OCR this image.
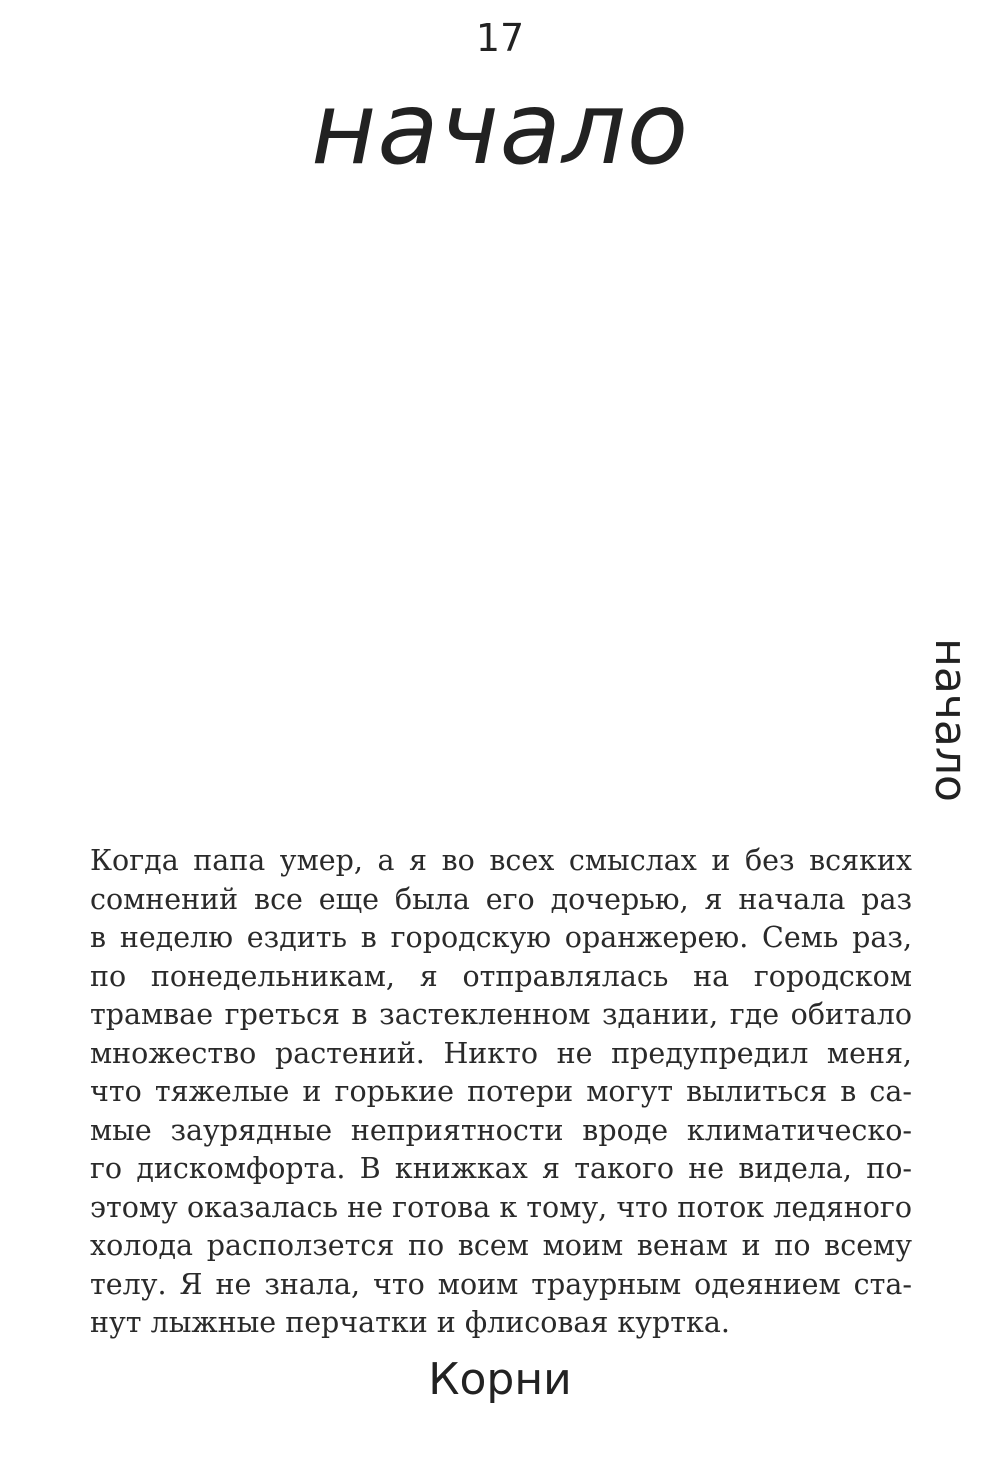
17
начало
начало
Когда папа умер, а я во всех смыслах и без всяких
сомнений все еще была его дочерью, я начала раз
в неделю ездить в городскую оранжерею. Семь раз,
по понедельникам, я отправлялась на городском
трамвае греться в застекленном здании, где обитало
множество растений. Никто не предупредил меня,
что тяжелые и горькие потери могут вылиться в са-
мые заурядные неприятности вроде климатическо-
го дискомфорта. В книжках я такого не видела, по-
этому оказалась не готова к тому, что поток ледяного
холода расползется по всем моим венам и по всему
телу. Я не знала, что моим траурным одеянием ста-
нут лыжные перчатки и флисовая куртка.
Корни
